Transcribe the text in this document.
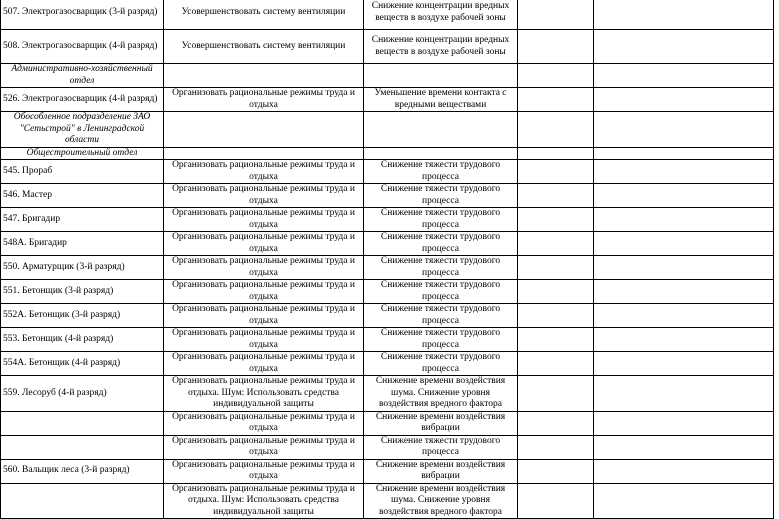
507. Электрогазосварщик (3-й разряд)	Усовершенствовать систему вентиляции	Снижение концентрации вредных веществ в воздухе рабочей зоны		
508. Электрогазосварщик (4-й разряд)	Усовершенствовать систему вентиляции	Снижение концентрации вредных веществ в воздухе рабочей зоны		
Административно-хозяйственный отдел				
526. Электрогазосварщик (4-й разряд)	Организовать рациональные режимы труда и отдыха	Уменьшение времени контакта с вредными веществами		
Обособленное подразделение ЗАО "Сетьстрой" в Ленинградской области				
Общестроительный отдел				
545. Прораб	Организовать рациональные режимы труда и отдыха	Снижение тяжести трудового процесса		
546. Мастер	Организовать рациональные режимы труда и отдыха	Снижение тяжести трудового процесса		
547. Бригадир	Организовать рациональные режимы труда и отдыха	Снижение тяжести трудового процесса		
548А. Бригадир	Организовать рациональные режимы труда и отдыха	Снижение тяжести трудового процесса		
550. Арматурщик (3-й разряд)	Организовать рациональные режимы труда и отдыха	Снижение тяжести трудового процесса		
551. Бетонщик (3-й разряд)	Организовать рациональные режимы труда и отдыха	Снижение тяжести трудового процесса		
552А. Бетонщик (3-й разряд)	Организовать рациональные режимы труда и отдыха	Снижение тяжести трудового процесса		
553. Бетонщик (4-й разряд)	Организовать рациональные режимы труда и отдыха	Снижение тяжести трудового процесса		
554А. Бетонщик (4-й разряд)	Организовать рациональные режимы труда и отдыха	Снижение тяжести трудового процесса		
559. Лесоруб (4-й разряд)	Организовать рациональные режимы труда и отдыха. Шум: Использовать средства индивидуальной защиты	Снижение времени воздействия шума. Снижение уровня воздействия вредного фактора		
	Организовать рациональные режимы труда и отдыха	Снижение времени воздействия вибрации		
	Организовать рациональные режимы труда и отдыха	Снижение тяжести трудового процесса		
560. Вальщик леса (3-й разряд)	Организовать рациональные режимы труда и отдыха	Снижение времени воздействия вибрации		
	Организовать рациональные режимы труда и отдыха. Шум: Использовать средства индивидуальной защиты	Снижение времени воздействия шума. Снижение уровня воздействия вредного фактора		
